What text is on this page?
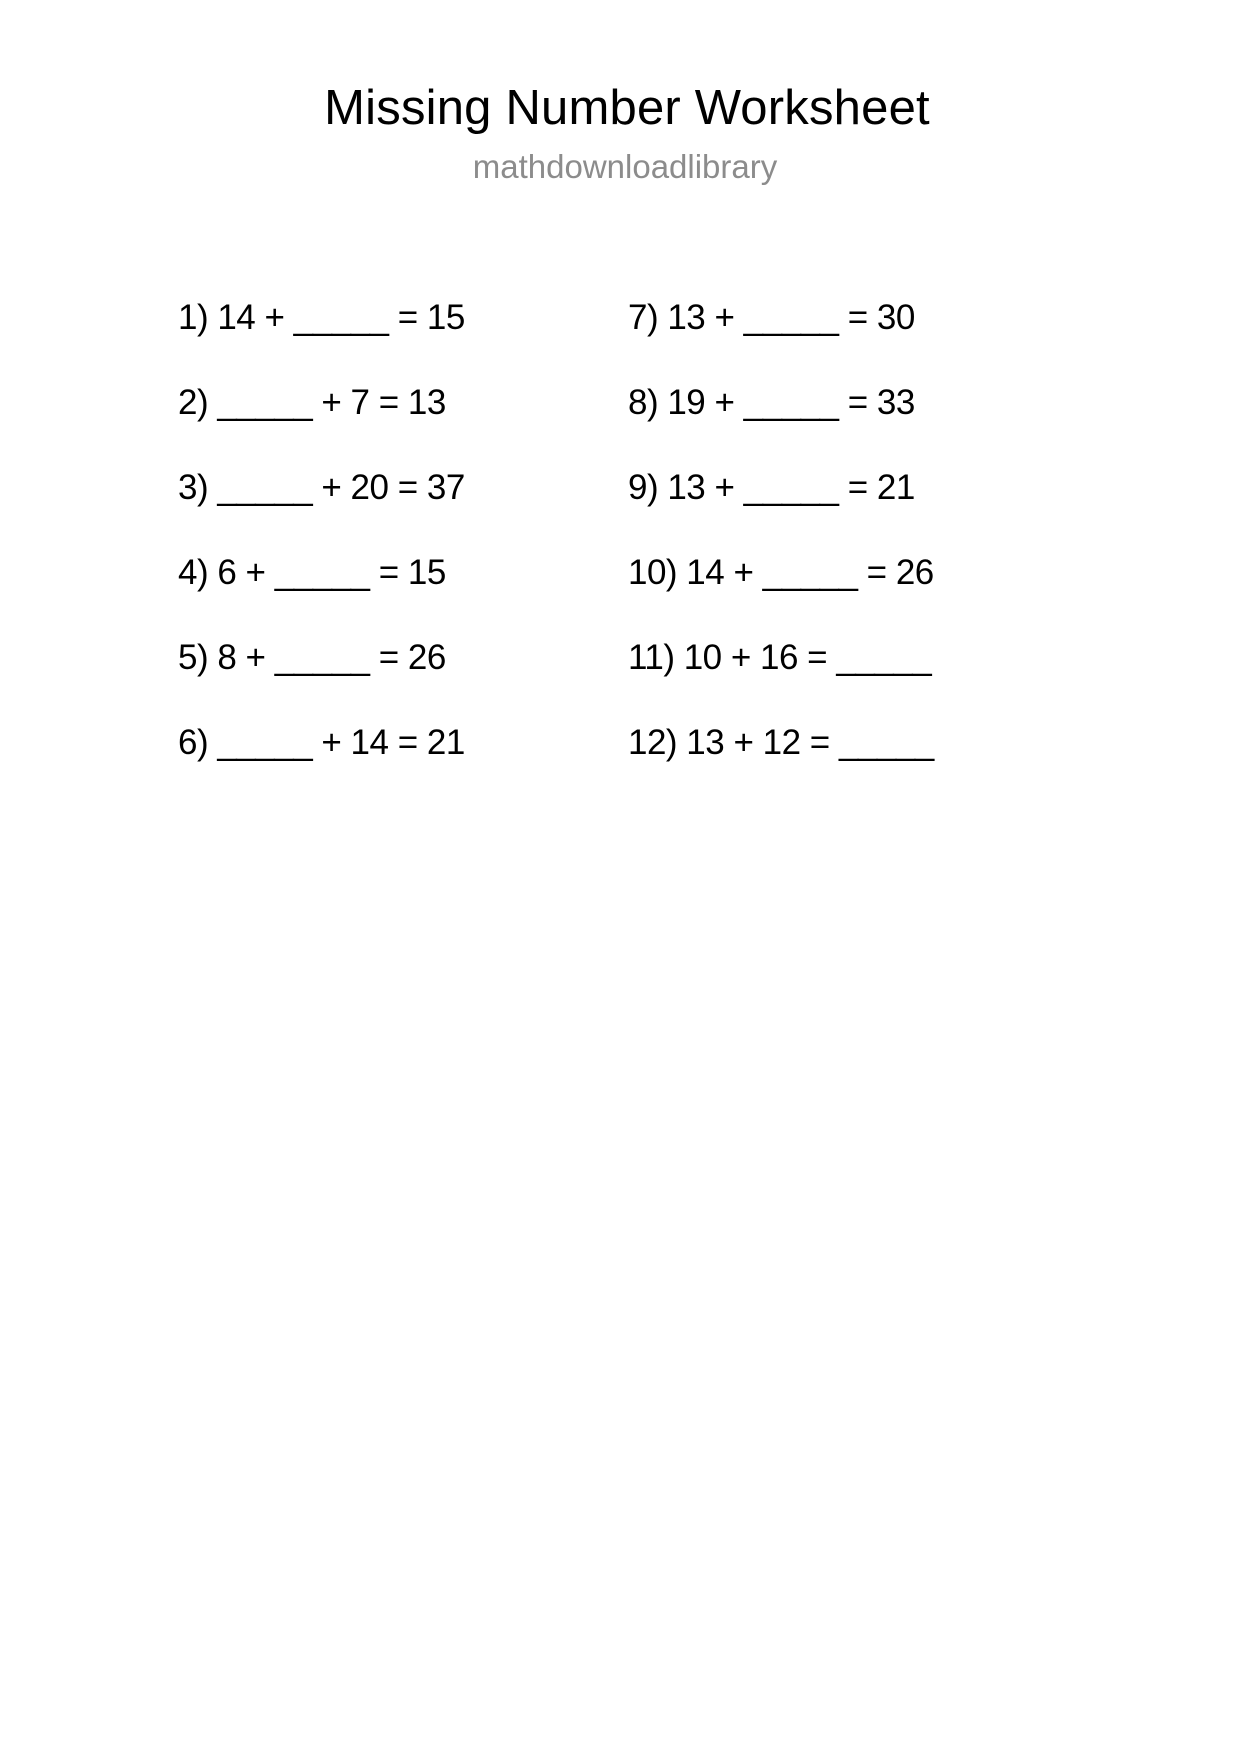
Missing Number Worksheet
mathdownloadlibrary
1) 14 + _____ = 15
2) _____ + 7 = 13
3) _____ + 20 = 37
4) 6 + _____ = 15
5) 8 + _____ = 26
6) _____ + 14 = 21
7) 13 + _____ = 30
8) 19 + _____ = 33
9) 13 + _____ = 21
10) 14 + _____ = 26
11) 10 + 16 = _____
12) 13 + 12 = _____
